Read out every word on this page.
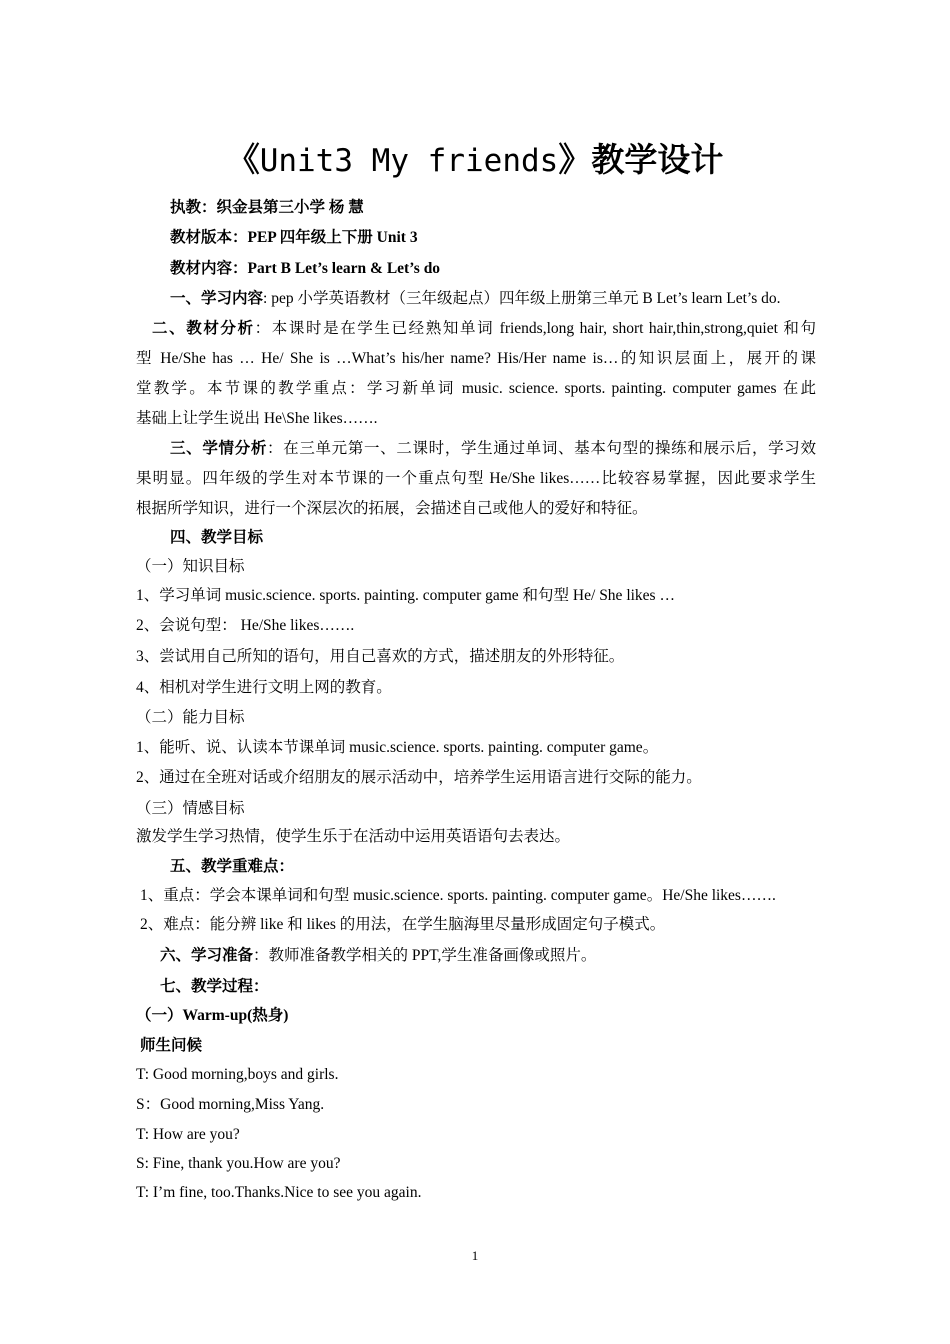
《Unit3 My friends》教学设计
执教：织金县第三小学 杨 慧
教材版本：PEP 四年级上下册 Unit 3
教材内容：Part B Let’s learn & Let’s do
一、学习内容: pep 小学英语教材（三年级起点）四年级上册第三单元 B Let’s learn Let’s do.
二、教材分析：本课时是在学生已经熟知单词 friends,long hair, short hair,thin,strong,quiet 和句
型 He/She has … He/ She is …What’s his/her name? His/Her name is…的知识层面上，展开的课
堂教学。本节课的教学重点：学习新单词 music. science. sports. painting. computer games 在此
基础上让学生说出 He\She likes…….
三、学情分析：在三单元第一、二课时，学生通过单词、基本句型的操练和展示后，学习效
果明显。四年级的学生对本节课的一个重点句型 He/She likes……比较容易掌握，因此要求学生
根据所学知识，进行一个深层次的拓展，会描述自己或他人的爱好和特征。
四、教学目标
（一）知识目标
1、学习单词 music.science. sports. painting. computer game 和句型 He/ She likes …
2、会说句型： He/She likes…….
3、尝试用自己所知的语句，用自己喜欢的方式，描述朋友的外形特征。
4、相机对学生进行文明上网的教育。
（二）能力目标
1、能听、说、认读本节课单词 music.science. sports. painting. computer game。
2、通过在全班对话或介绍朋友的展示活动中，培养学生运用语言进行交际的能力。
（三）情感目标
激发学生学习热情，使学生乐于在活动中运用英语语句去表达。
五、教学重难点：
1、重点：学会本课单词和句型 music.science. sports. painting. computer game。He/She likes…….
2、难点：能分辨 like 和 likes 的用法，在学生脑海里尽量形成固定句子模式。
六、学习准备：教师准备教学相关的 PPT,学生准备画像或照片。
七、教学过程：
（一）Warm-up(热身)
师生问候
T: Good morning,boys and girls.
S：Good morning,Miss Yang.
T: How are you?
S: Fine, thank you.How are you?
T: I’m fine, too.Thanks.Nice to see you again.
1
